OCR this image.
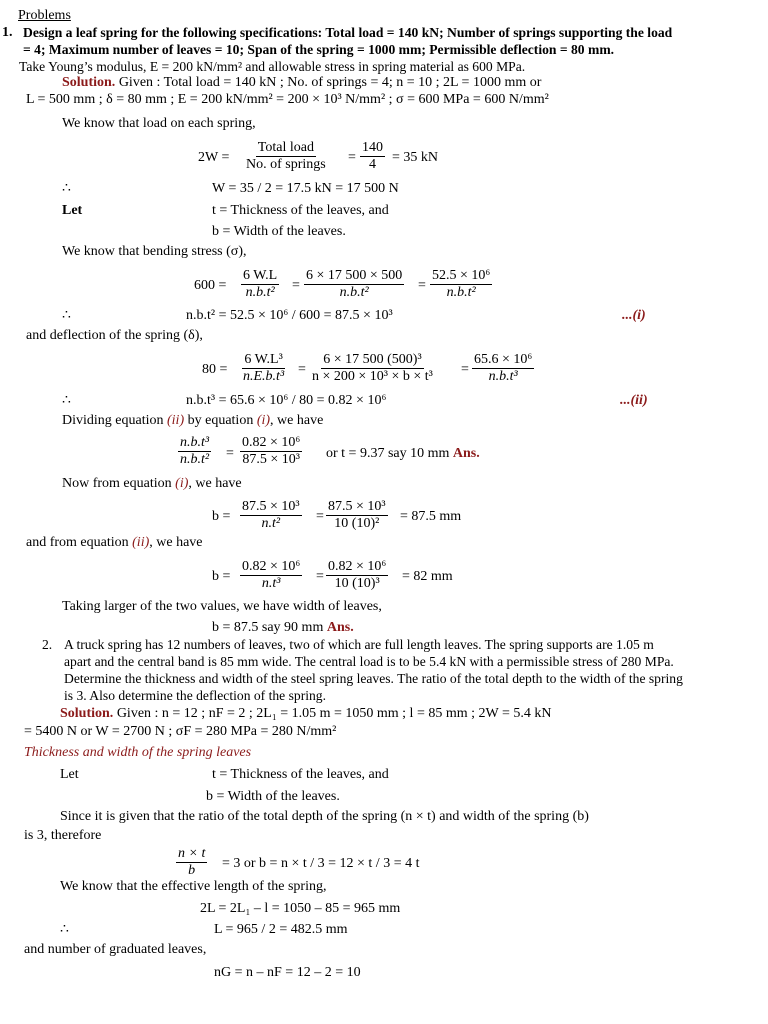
Problems
1. Design a leaf spring for the following specifications: Total load = 140 kN; Number of springs supporting the load
= 4; Maximum number of leaves = 10; Span of the spring = 1000 mm; Permissible deflection = 80 mm.
Take Young’s modulus, E = 200 kN/mm² and allowable stress in spring material as 600 MPa.
Solution. Given : Total load = 140 kN ; No. of springs = 4; n = 10 ; 2L = 1000 mm or
L = 500 mm ; δ = 80 mm ; E = 200 kN/mm² = 200 × 10³ N/mm² ; σ = 600 MPa = 600 N/mm²
We know that load on each spring,
2W =
Total load
No. of springs = $\frac{140}{4} = 35$ kN
∴	W = 35 / 2 = 17.5 kN = 17 500 N
Let	t = Thickness of the leaves, and
b = Width of the leaves.
We know that bending stress (σ),
$600 = \frac{6 W.L}{\text{n.b.t²}} = \frac{6 \times 17 500 \times 500}{\text{n.b.t²}} = \frac{\text{52.5 × 10⁶}}{\text{n.b.t²}}$
∴	n.b.t² = 52.5 × 10⁶ / 600 = 87.5 × 10³	...(i)
and deflection of the spring (δ),
$80 = \frac{\text{6 W.L³}}{\text{n.E.b.t³}} = \frac{\text{6 × 17 500 (500)³}}{\text{n × 200 × 10³ × b × t³}} = \frac{\text{65.6 × 10⁶}}{\text{n.b.t³}}$
∴	n.b.t³ = 65.6 × 10⁶ / 80 = 0.82 × 10⁶	...(ii)
Dividing equation (ii) by equation (i), we have
$\frac{\text{n.b.t³}}{\text{n.b.t²}} = \frac{\text{0.82 × 10⁶}}{\text{87.5 × 10³}}$ or t = 9.37 say 10 mm Ans.
Now from equation (i), we have
$b = \frac{\text{87.5 × 10³}}{\text{n.t²}} = \frac{\text{87.5 × 10³}}{\text{10 (10)²}} = 87.5$ mm
and from equation (ii), we have
$b = \frac{\text{0.82 × 10⁶}}{\text{n.t³}} = \frac{\text{0.82 × 10⁶}}{\text{10 (10)³}} = 82$ mm
Taking larger of the two values, we have width of leaves,
b = 87.5 say 90 mm Ans.
2. A truck spring has 12 numbers of leaves, two of which are full length leaves. The spring supports are 1.05 m
apart and the central band is 85 mm wide. The central load is to be 5.4 kN with a permissible stress of 280 MPa.
Determine the thickness and width of the steel spring leaves. The ratio of the total depth to the width of the spring
is 3. Also determine the deflection of the spring.
Solution. Given : n = 12 ; nF = 2 ; 2L₁ = 1.05 m = 1050 mm ; l = 85 mm ; 2W = 5.4 kN
= 5400 N or W = 2700 N ; σF = 280 MPa = 280 N/mm²
Thickness and width of the spring leaves
Let	t = Thickness of the leaves, and
b = Width of the leaves.
Since it is given that the ratio of the total depth of the spring (n × t) and width of the spring (b)
is 3, therefore
$\frac{n \times t}{b} = 3$ or b = n × t / 3 = 12 × t / 3 = 4 t
We know that the effective length of the spring,
2L = 2L₁ – l = 1050 – 85 = 965 mm
∴	L = 965 / 2 = 482.5 mm
and number of graduated leaves,
nG = n – nF = 12 – 2 = 10
